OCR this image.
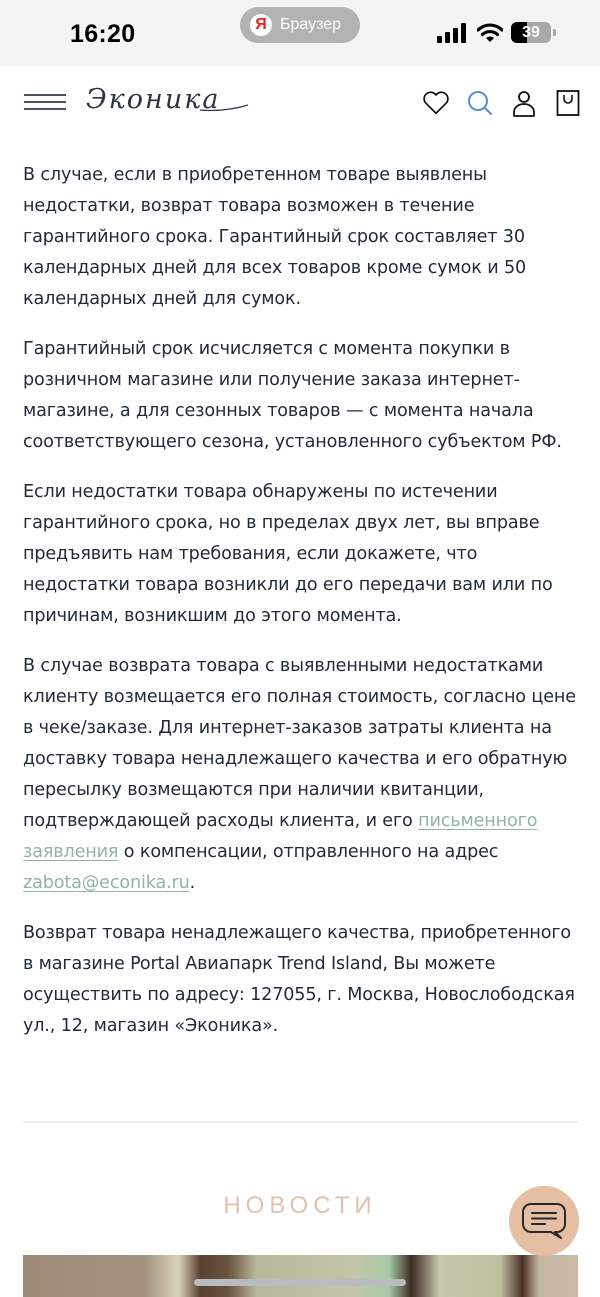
16:20	Я Браузер	39
Эконика

В случае, если в приобретенном товаре выявлены недостатки, возврат товара возможен в течение гарантийного срока. Гарантийный срок составляет 30 календарных дней для всех товаров кроме сумок и 50 календарных дней для сумок.

Гарантийный срок исчисляется с момента покупки в розничном магазине или получение заказа интернет-магазине, а для сезонных товаров — с момента начала соответствующего сезона, установленного субъектом РФ.

Если недостатки товара обнаружены по истечении гарантийного срока, но в пределах двух лет, вы вправе предъявить нам требования, если докажете, что недостатки товара возникли до его передачи вам или по причинам, возникшим до этого момента.

В случае возврата товара с выявленными недостатками клиенту возмещается его полная стоимость, согласно цене в чеке/заказе. Для интернет-заказов затраты клиента на доставку товара ненадлежащего качества и его обратную пересылку возмещаются при наличии квитанции, подтверждающей расходы клиента, и его письменного заявления о компенсации, отправленного на адрес zabota@econika.ru.

Возврат товара ненадлежащего качества, приобретенного в магазине Portal Авиапарк Trend Island, Вы можете осуществить по адресу: 127055, г. Москва, Новослободская ул., 12, магазин «Эконика».

НОВОСТИ
